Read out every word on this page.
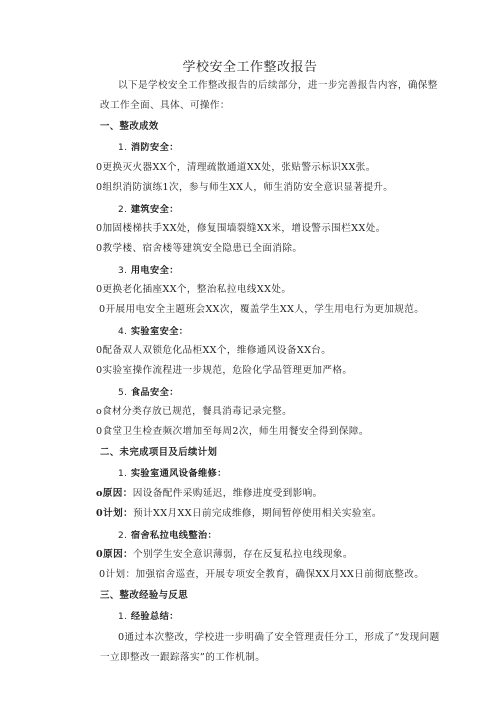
学校安全工作整改报告
以下是学校安全工作整改报告的后续部分，进一步完善报告内容，确保整
改工作全面、具体、可操作：
一、整改成效
1. 消防安全：
0更换灭火器XX个，清理疏散通道XX处，张贴警示标识XX张。
0组织消防演练1次，参与师生XX人，师生消防安全意识显著提升。
2. 建筑安全：
0加固楼梯扶手XX处，修复围墙裂缝XX米，增设警示围栏XX处。
0教学楼、宿舍楼等建筑安全隐患已全面消除。
3. 用电安全：
0更换老化插座XX个，整治私拉电线XX处。
0开展用电安全主题班会XX次，覆盖学生XX人，学生用电行为更加规范。
4. 实验室安全：
0配备双人双锁危化品柜XX个，维修通风设备XX台。
0实验室操作流程进一步规范，危险化学品管理更加严格。
5. 食品安全：
o食材分类存放已规范，餐具消毒记录完整。
0食堂卫生检查频次增加至每周2次，师生用餐安全得到保障。
二、未完成项目及后续计划
1. 实验室通风设备维修：
o原因：因设备配件采购延迟，维修进度受到影响。
0计划：预计XX月XX日前完成维修，期间暂停使用相关实验室。
2. 宿舍私拉电线整治：
0原因：个别学生安全意识薄弱，存在反复私拉电线现象。
0计划：加强宿舍巡查，开展专项安全教育，确保XX月XX日前彻底整改。
三、整改经验与反思
1. 经验总结：
0通过本次整改，学校进一步明确了安全管理责任分工，形成了“发现问题
一立即整改一跟踪落实”的工作机制。
